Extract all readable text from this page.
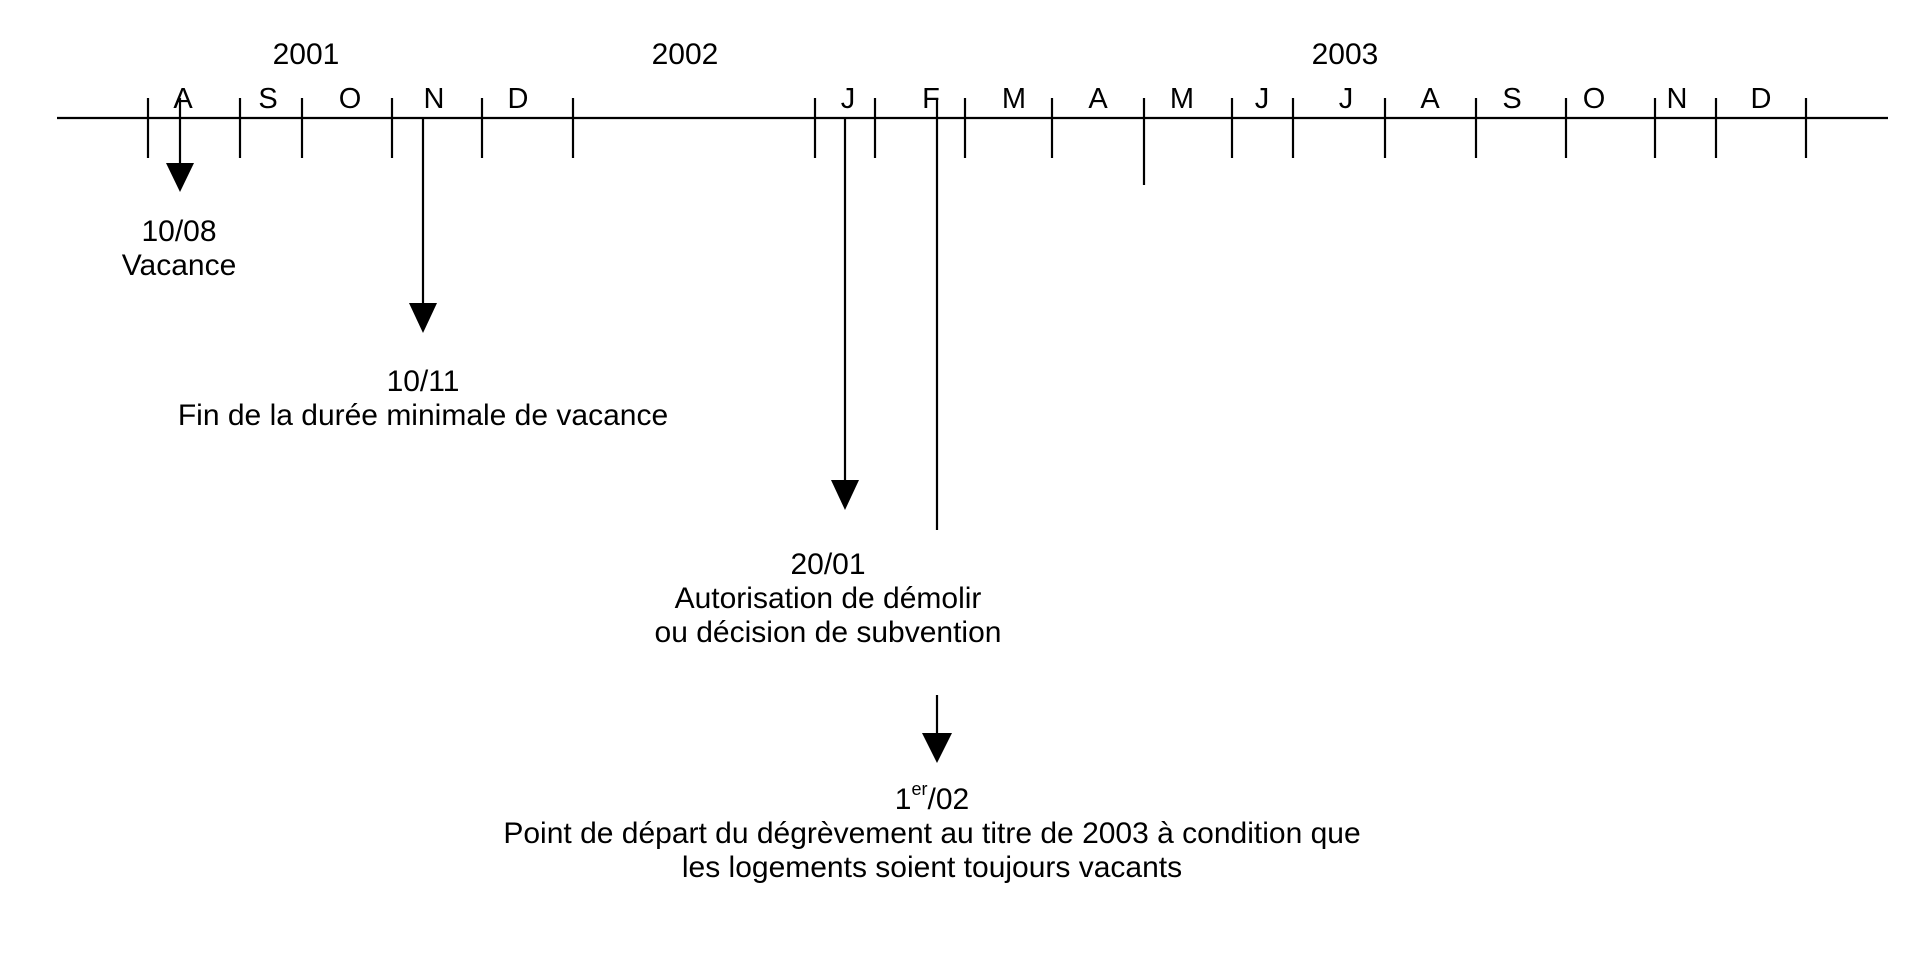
2001	2002	2003
A S O N D	J F M A M J J A S O N D
10/08
Vacance
10/11
Fin de la durée minimale de vacance
20/01
Autorisation de démolir
ou décision de subvention
1er/02
Point de départ du dégrèvement au titre de 2003 à condition que
les logements soient toujours vacants
